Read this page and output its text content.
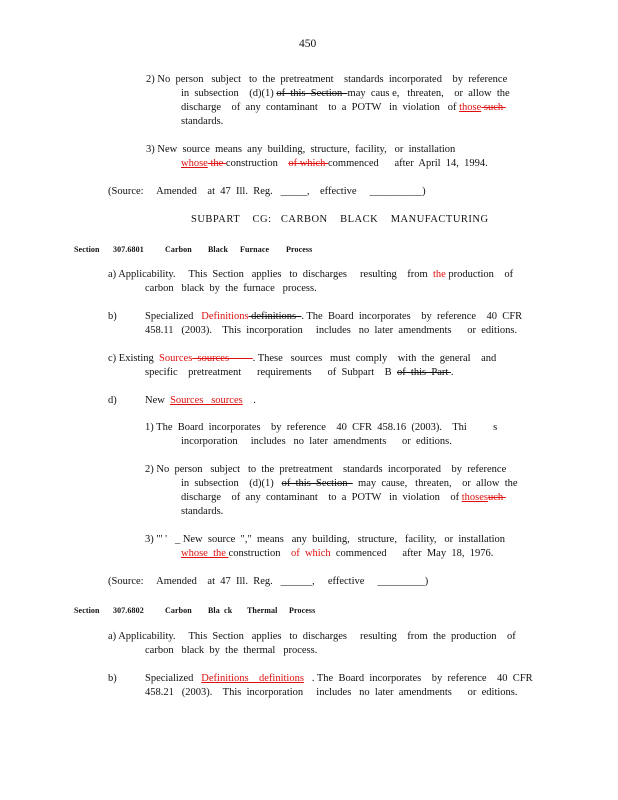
450
2) No  person   subject   to  the  pretreatment    standards  incorporated    by  reference
in  subsection    (d)(1) of  this  Section  may  caus e,   threaten,    or  allow  the
discharge    of  any  contaminant    to  a  POTW   in  violation   of those such
standards.
3) New  source  means  any  building,  structure,  facility,   or  installation
whose the construction of which commenced      after  April  14,  1994.
(Source:     Amended    at  47  Ill.  Reg.   _____,    effective     __________)
SUBPART    CG:   CARBON    BLACK    MANUFACTURING
Section 307.6801	Carbon Black Furnace Process
a) Applicability.     This  Section   applies   to  discharges     resulting    from  the production    of
carbon   black  by  the  furnace   process.
b)	Specialized   Definitions definitions  . The  Board  incorporates    by  reference    40  CFR
458.11   (2003).    This  incorporation     includes   no  later  amendments      or  editions.
c) Existing  Sources  sources         . These   sources   must  comply    with  the  general    and
specific    pretreatment      requirements      of  Subpart    B  of  this  Part .
d)	New  Sources   sources    .
1) The  Board  incorporates    by  reference    40  CFR  458.16  (2003).    Thi          s
incorporation     includes   no  later  amendments      or  editions.
2) No  person   subject   to  the  pretreatment    standards  incorporated    by  reference
in  subsection    (d)(1)   of  this  Section    may  cause,   threaten,    or  allow  the
discharge    of  any  contaminant    to  a  POTW   in  violation    of thosesuch
standards.
3) "' '   _ New  source  ","  means   any  building,   structure,   facility,   or  installation
whose  the construction    of  which  commenced      after  May  18,  1976.
(Source:     Amended    at  47  Ill.  Reg.   ______,     effective     _________)
Section 307.6802	Carbon Bla  ck Thermal Process
a) Applicability.     This  Section   applies   to  discharges     resulting    from  the  production    of
carbon   black  by  the  thermal   process.
b)	Specialized   Definitions    definitions   . The  Board  incorporates    by  reference    40  CFR
458.21   (2003).    This  incorporation     includes   no  later  amendments      or  editions.
